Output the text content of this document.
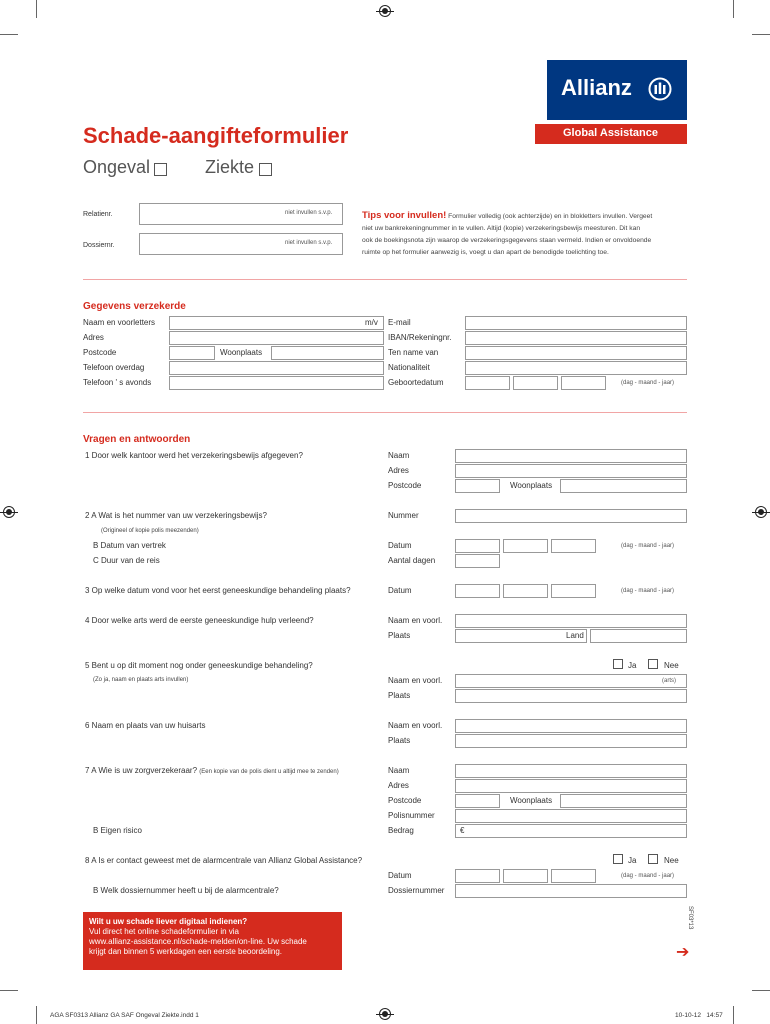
Allianz
Global Assistance
Schade-aangifteformulier
Ongeval	Ziekte
Relatienr.	niet invullen s.v.p.
Dossiernr.	niet invullen s.v.p.
Tips voor invullen! Formulier volledig (ook achterzijde) en in blokletters invullen. Vergeet
niet uw bankrekeningnummer in te vullen. Altijd (kopie) verzekeringsbewijs meesturen. Dit kan
ook de boekingsnota zijn waarop de verzekeringsgegevens staan vermeld. Indien er onvoldoende
ruimte op het formulier aanwezig is, voegt u dan apart de benodigde toelichting toe.
Gegevens verzekerde
Naam en voorletters	m/v
Adres
Postcode	Woonplaats
Telefoon overdag
Telefoon ' s avonds
E-mail
IBAN/Rekeningnr.
Ten name van
Nationaliteit
Geboortedatum	(dag - maand - jaar)
Vragen en antwoorden
1 Door welk kantoor werd het verzekeringsbewijs afgegeven?	Naam
Adres
Postcode	Woonplaats
2 A Wat is het nummer van uw verzekeringsbewijs?
(Origineel of kopie polis meezenden)
Nummer
B Datum van vertrek	Datum	(dag - maand - jaar)
C Duur van de reis	Aantal dagen
3 Op welke datum vond voor het eerst geneeskundige behandeling plaats?	Datum	(dag - maand - jaar)
4 Door welke arts werd de eerste geneeskundige hulp verleend?	Naam en voorl.
Plaats	Land
5 Bent u op dit moment nog onder geneeskundige behandeling?	Ja	Nee
(Zo ja, naam en plaats arts invullen)	Naam en voorl.	(arts)
Plaats
6 Naam en plaats van uw huisarts	Naam en voorl.
Plaats
7 A Wie is uw zorgverzekeraar? (Een kopie van de polis dient u altijd mee te zenden)	Naam
Adres
Postcode	Woonplaats
Polisnummer
B Eigen risico	Bedrag	€
8 A Is er contact geweest met de alarmcentrale van Allianz Global Assistance?	Ja	Nee
Datum	(dag - maand - jaar)
B Welk dossiernummer heeft u bij de alarmcentrale?	Dossiernummer
SF03*13
Wilt u uw schade liever digitaal indienen?
Vul direct het online schadeformulier in via
www.allianz-assistance.nl/schade-melden/on-line. Uw schade
krijgt dan binnen 5 werkdagen een eerste beoordeling.	➔
AGA SF0313 Allianz GA SAF Ongeval Ziekte.indd 1	10-10-12   14:57
